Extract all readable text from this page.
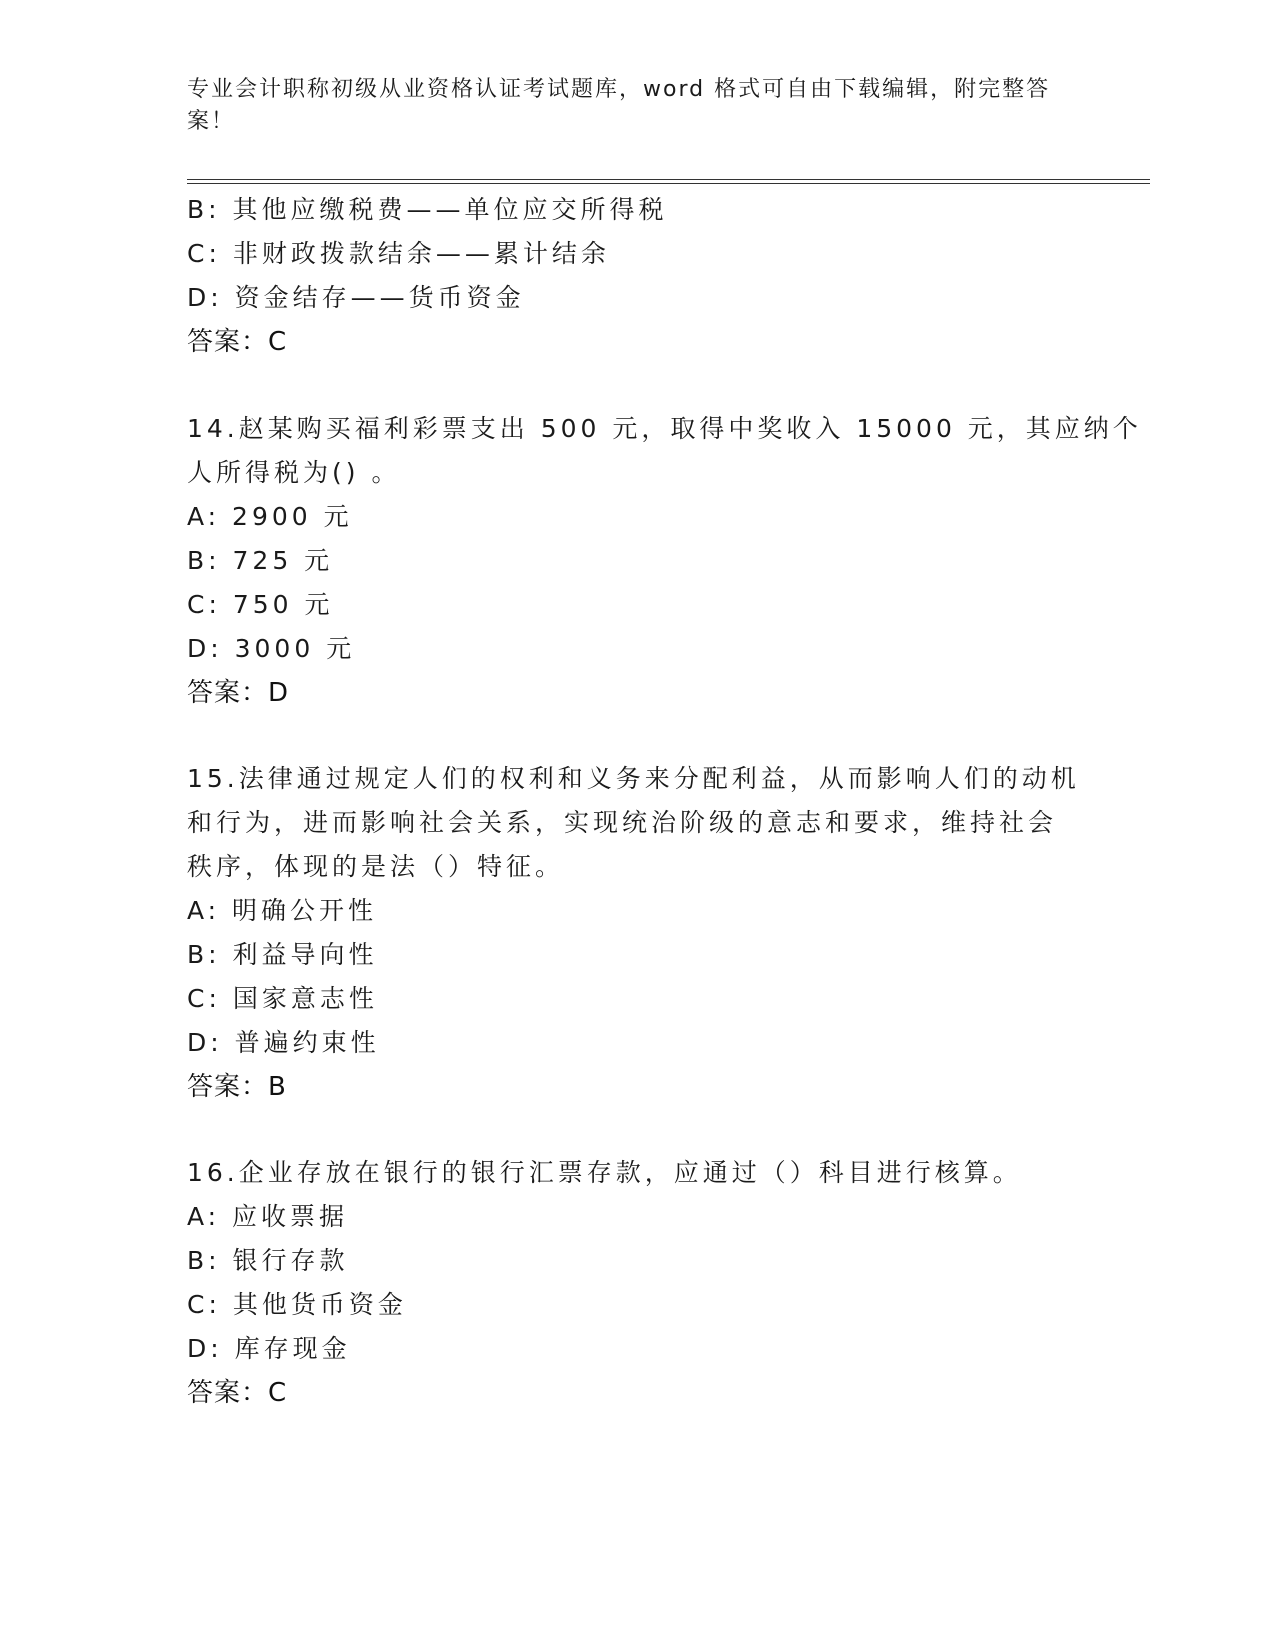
专业会计职称初级从业资格认证考试题库，word 格式可自由下载编辑，附完整答
案！
B: 其他应缴税费——单位应交所得税
C: 非财政拨款结余——累计结余
D: 资金结存——货币资金
答案：C
14.赵某购买福利彩票支出 500 元，取得中奖收入 15000 元，其应纳个
人所得税为() 。
A: 2900 元
B: 725 元
C: 750 元
D: 3000 元
答案：D
15.法律通过规定人们的权利和义务来分配利益，从而影响人们的动机
和行为，进而影响社会关系，实现统治阶级的意志和要求，维持社会
秩序，体现的是法（）特征。
A: 明确公开性
B: 利益导向性
C: 国家意志性
D: 普遍约束性
答案：B
16.企业存放在银行的银行汇票存款，应通过（）科目进行核算。
A: 应收票据
B: 银行存款
C: 其他货币资金
D: 库存现金
答案：C
